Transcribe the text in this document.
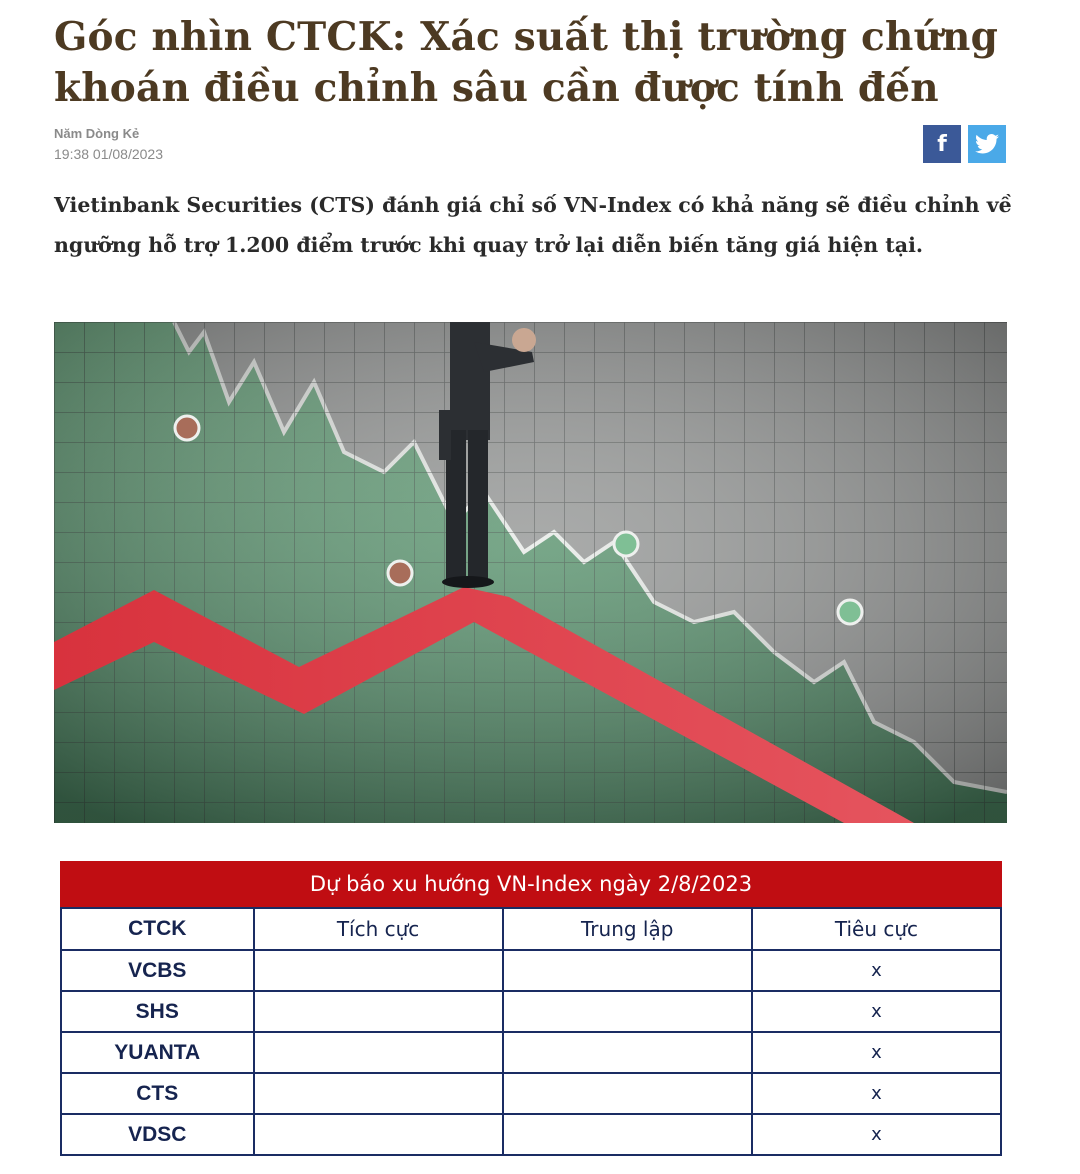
Góc nhìn CTCK: Xác suất thị trường chứng khoán điều chỉnh sâu cần được tính đến
Năm Dòng Kẻ
19:38 01/08/2023	f

Vietinbank Securities (CTS) đánh giá chỉ số VN-Index có khả năng sẽ điều chỉnh về ngưỡng hỗ trợ 1.200 điểm trước khi quay trở lại diễn biến tăng giá hiện tại.

Dự báo xu hướng VN-Index ngày 2/8/2023
CTCK	Tích cực	Trung lập	Tiêu cực
VCBS			x
SHS			x
YUANTA			x
CTS			x
VDSC			x
